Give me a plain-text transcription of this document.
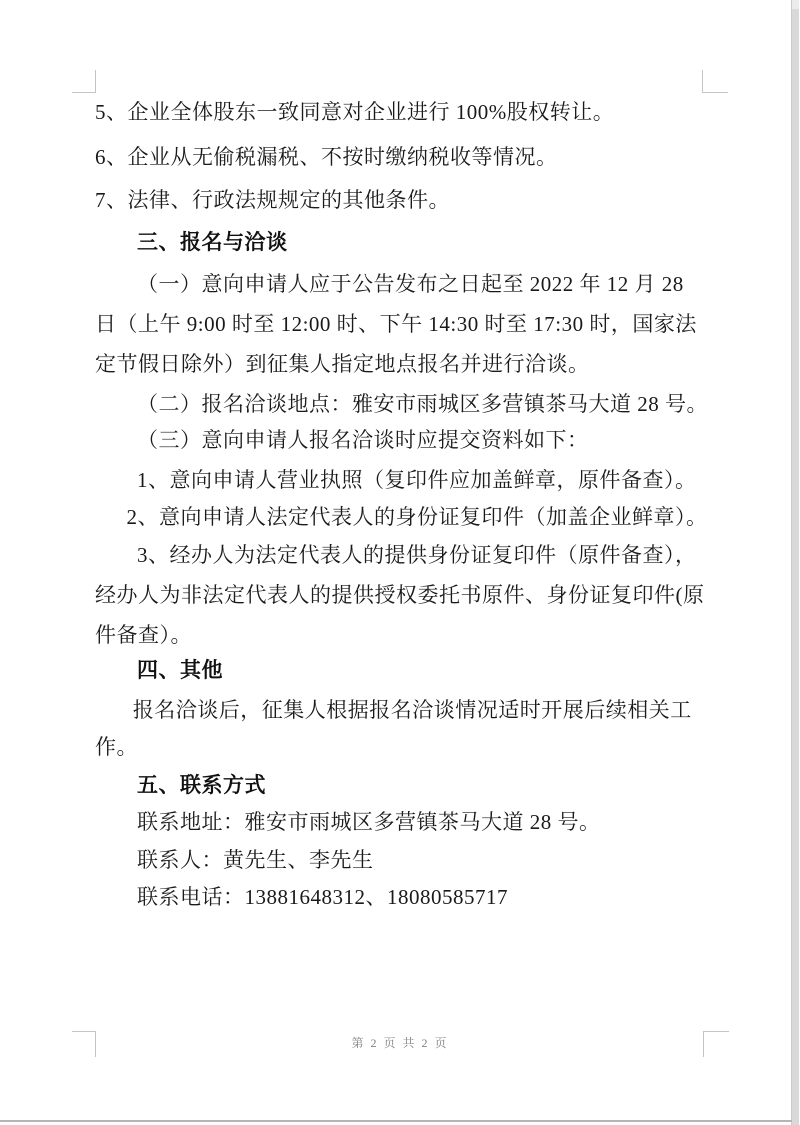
5、企业全体股东一致同意对企业进行 100%股权转让。
6、企业从无偷税漏税、不按时缴纳税收等情况。
7、法律、行政法规规定的其他条件。
三、报名与洽谈
（一）意向申请人应于公告发布之日起至 2022 年 12 月 28
日（上午 9:00 时至 12:00 时、下午 14:30 时至 17:30 时，国家法
定节假日除外）到征集人指定地点报名并进行洽谈。
（二）报名洽谈地点：雅安市雨城区多营镇茶马大道 28 号。
（三）意向申请人报名洽谈时应提交资料如下：
1、意向申请人营业执照（复印件应加盖鲜章，原件备查）。
2、意向申请人法定代表人的身份证复印件（加盖企业鲜章）。
3、经办人为法定代表人的提供身份证复印件（原件备查），
经办人为非法定代表人的提供授权委托书原件、身份证复印件(原
件备查）。
四、其他
报名洽谈后，征集人根据报名洽谈情况适时开展后续相关工
作。
五、联系方式
联系地址：雅安市雨城区多营镇茶马大道 28 号。
联系人：黄先生、李先生
联系电话：13881648312、18080585717
第 2 页 共 2 页
